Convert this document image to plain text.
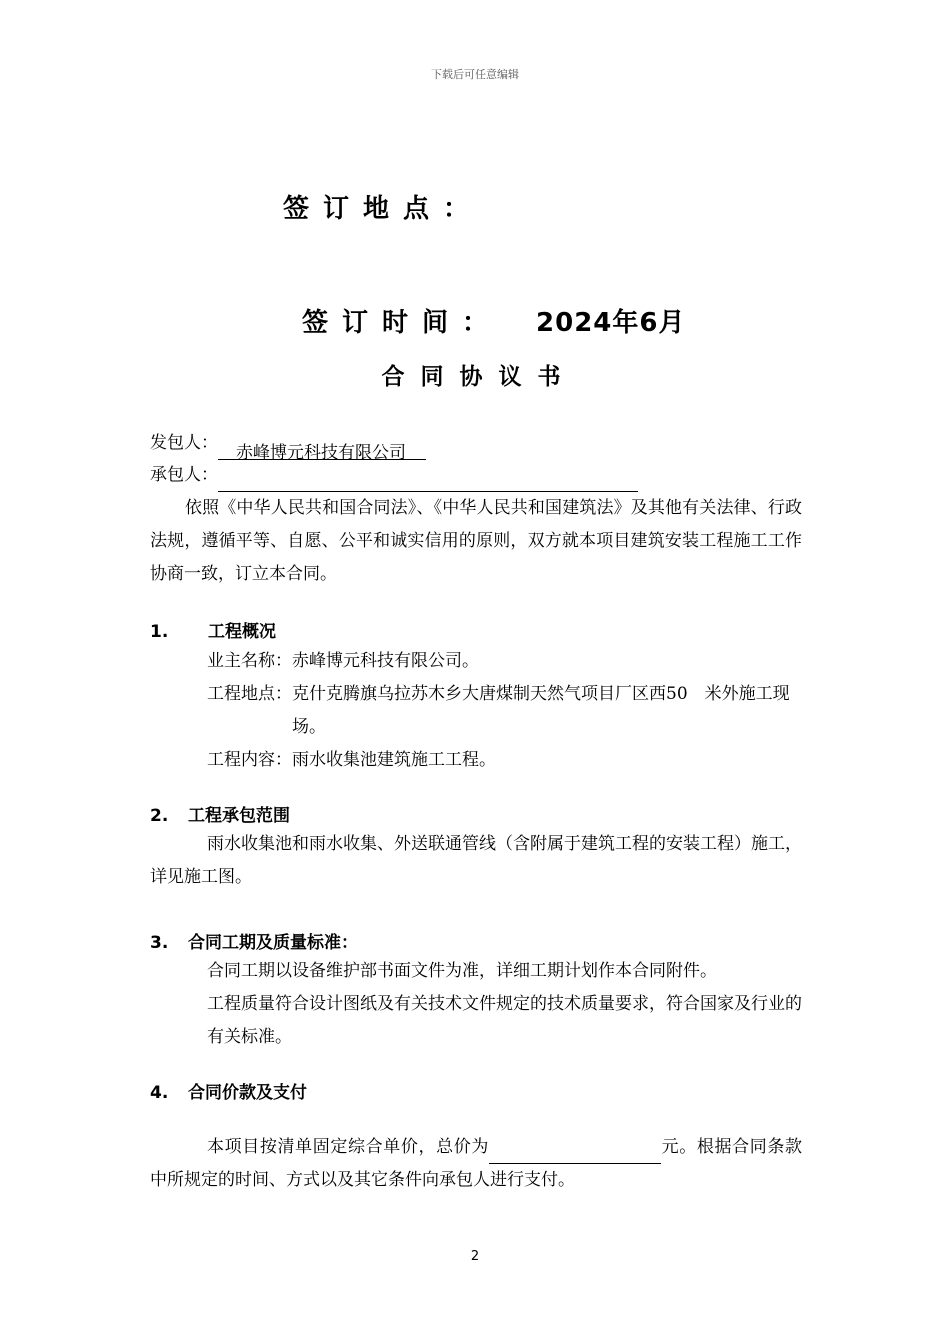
下载后可任意编辑
签订地点：
签订时间： 2024年6月
合同协议书
发包人： 赤峰博元科技有限公司
承包人：
依照《中华人民共和国合同法》、《中华人民共和国建筑法》及其他有关法律、行政法规，遵循平等、自愿、公平和诚实信用的原则，双方就本项目建筑安装工程施工工作协商一致，订立本合同。
1. 工程概况
业主名称： 赤峰博元科技有限公司。
工程地点： 克什克腾旗乌拉苏木乡大唐煤制天然气项目厂区西50　米外施工现场。
工程内容： 雨水收集池建筑施工工程。
2. 工程承包范围
雨水收集池和雨水收集、外送联通管线（含附属于建筑工程的安装工程）施工，详见施工图。
3. 合同工期及质量标准：
合同工期以设备维护部书面文件为准，详细工期计划作本合同附件。
工程质量符合设计图纸及有关技术文件规定的技术质量要求，符合国家及行业的有关标准。
4. 合同价款及支付
本项目按清单固定综合单价，总价为	元。根据合同条款中所规定的时间、方式以及其它条件向承包人进行支付。
2
